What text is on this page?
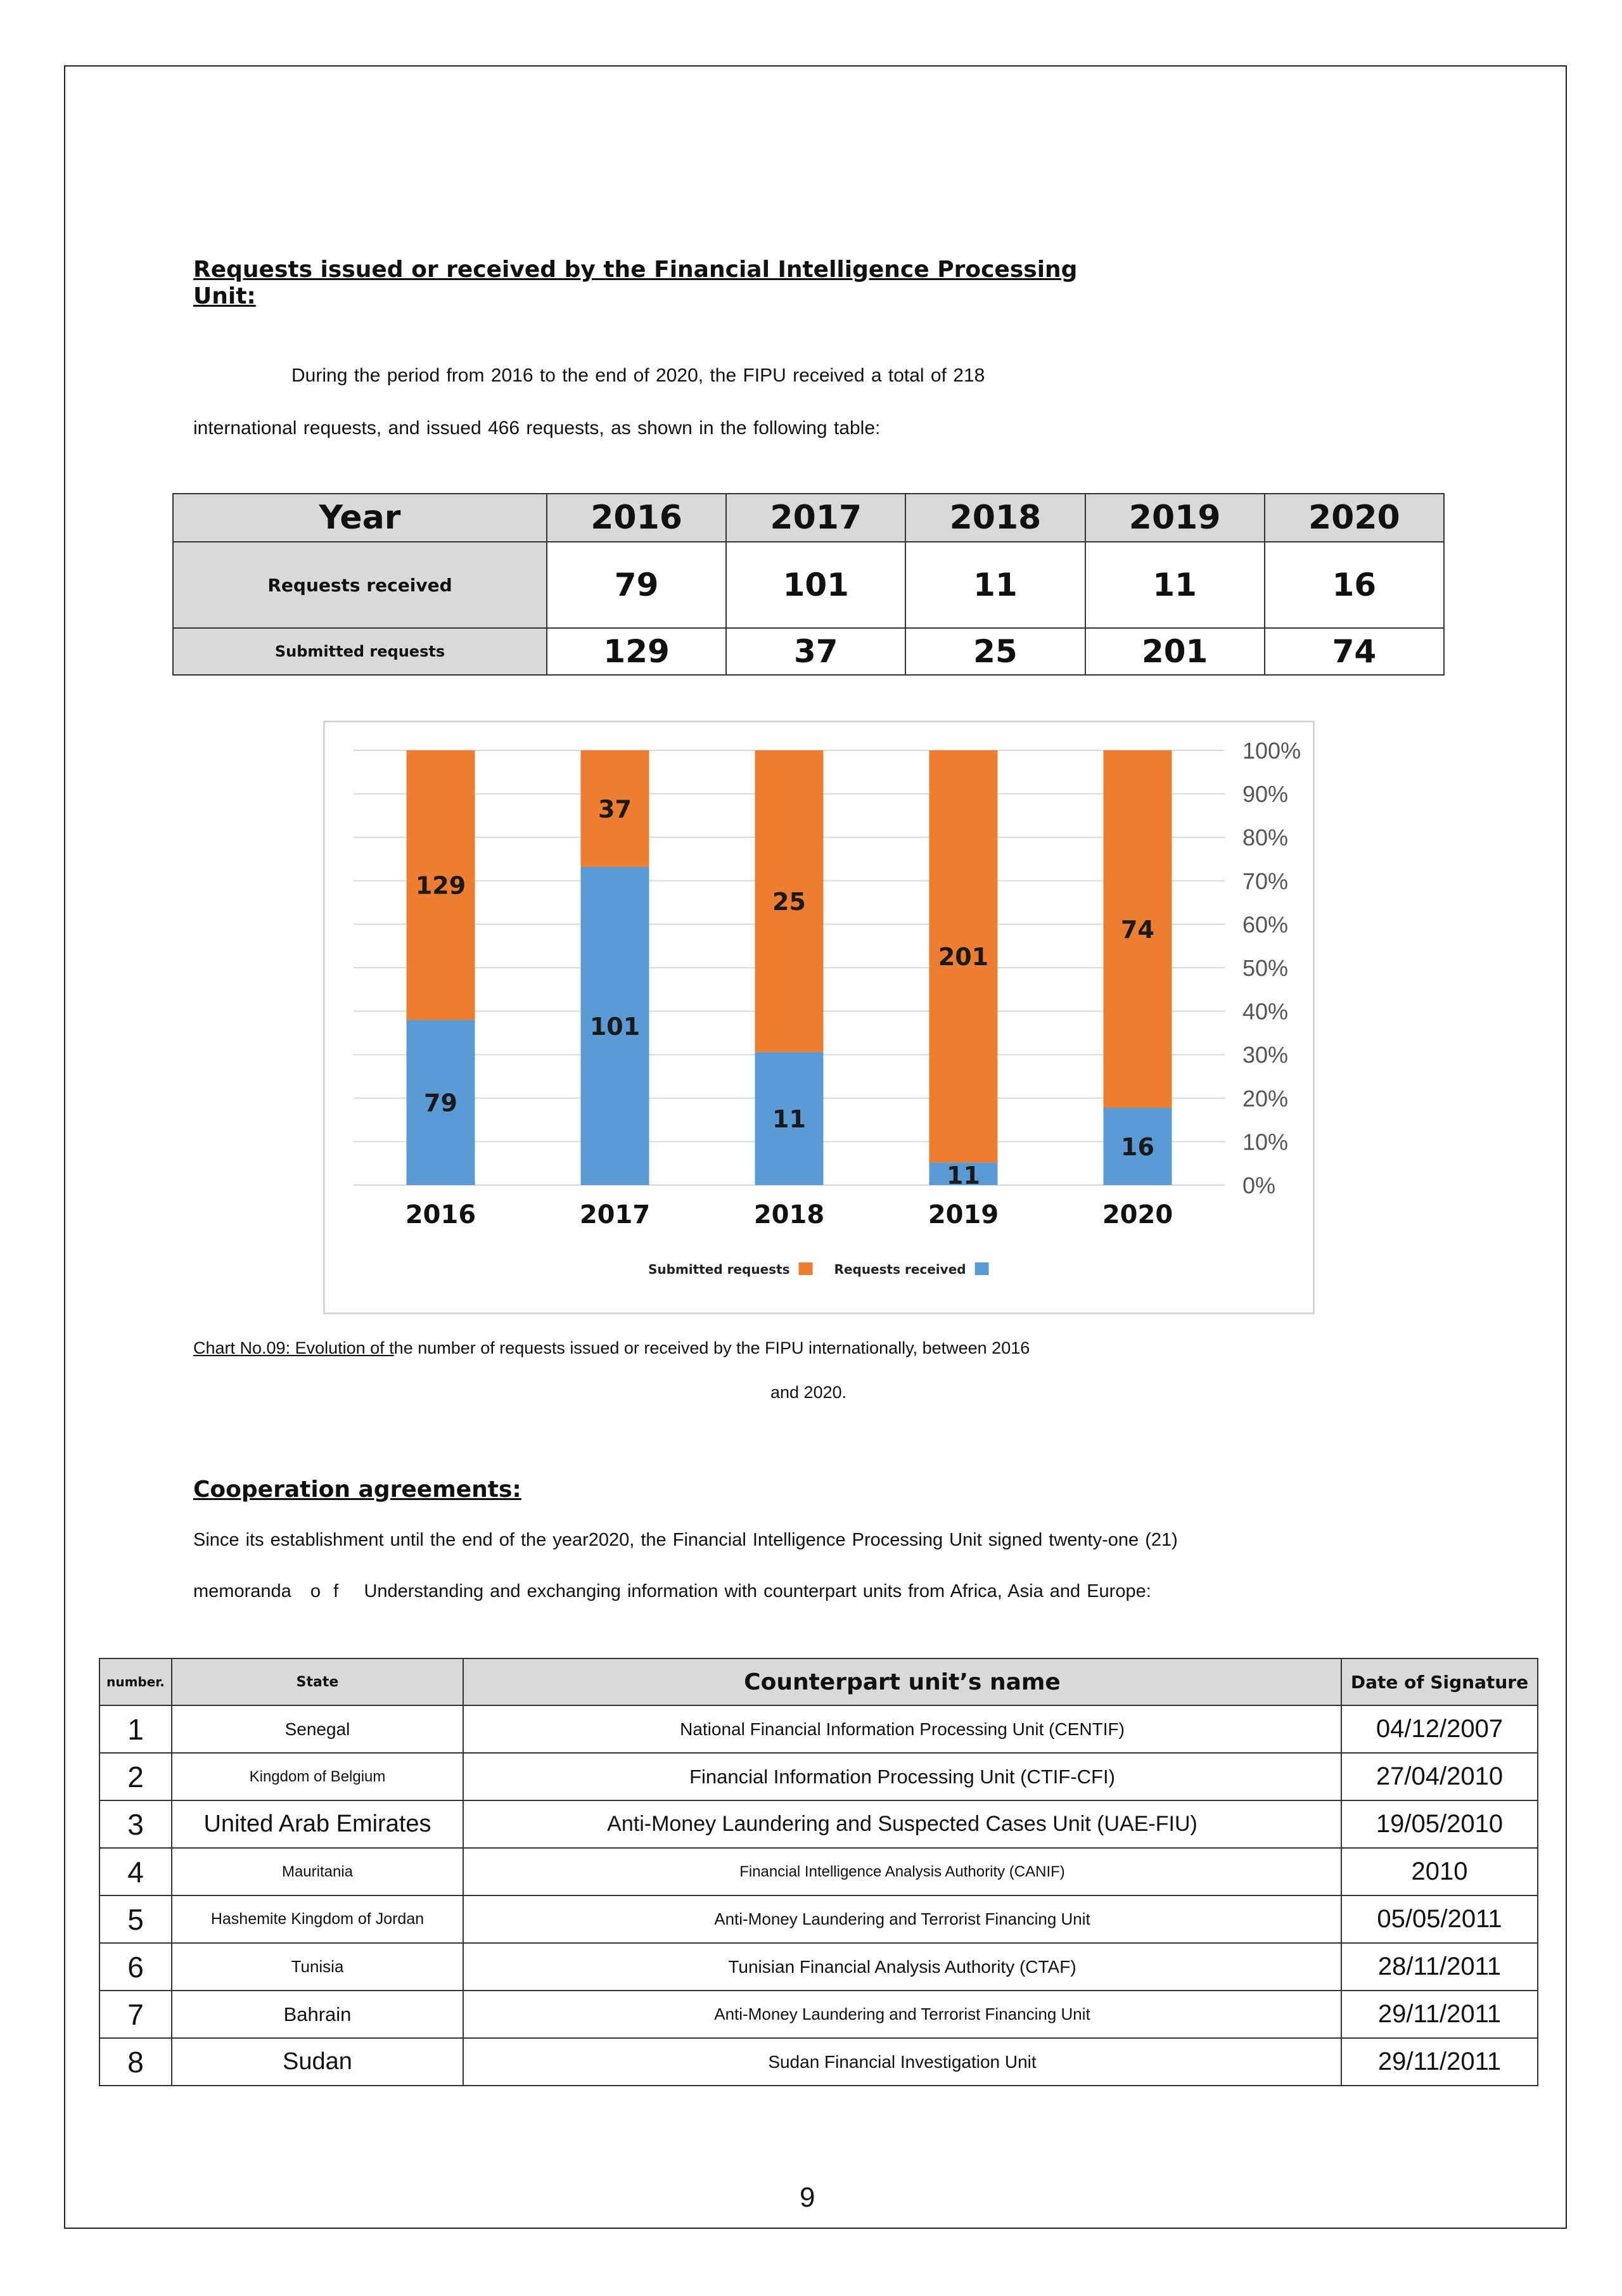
Requests issued or received by the Financial Intelligence Processing
Unit:
During the period from 2016 to the end of 2020, the FIPU received a total of 218
international requests, and issued 466 requests, as shown in the following table:
Year	2016	2017	2018	2019	2020
Requests received	79	101	11	11	16
Submitted requests	129	37	25	201	74
0%
10%
20%
30%
40%
50%
60%
70%
80%
90%
100%
79
129
2016
101
37
2017
11
25
2018
11
201
2019
16
74
2020
Submitted requests	Requests received
Chart No.09: Evolution of the number of requests issued or received by the FIPU internationally, between 2016
and 2020.
Cooperation agreements:
Since its establishment until the end of the year2020, the Financial Intelligence Processing Unit signed twenty-one (21)
memoranda   o  f    Understanding and exchanging information with counterpart units from Africa, Asia and Europe:
number.	State	Counterpart unit’s name	Date of Signature
1	Senegal	National Financial Information Processing Unit (CENTIF)	04/12/2007
2	Kingdom of Belgium	Financial Information Processing Unit (CTIF-CFI)	27/04/2010
3	United Arab Emirates	Anti-Money Laundering and Suspected Cases Unit (UAE-FIU)	19/05/2010
4	Mauritania	Financial Intelligence Analysis Authority (CANIF)	2010
5	Hashemite Kingdom of Jordan	Anti-Money Laundering and Terrorist Financing Unit	05/05/2011
6	Tunisia	Tunisian Financial Analysis Authority (CTAF)	28/11/2011
7	Bahrain	Anti-Money Laundering and Terrorist Financing Unit	29/11/2011
8	Sudan	Sudan Financial Investigation Unit	29/11/2011
9
